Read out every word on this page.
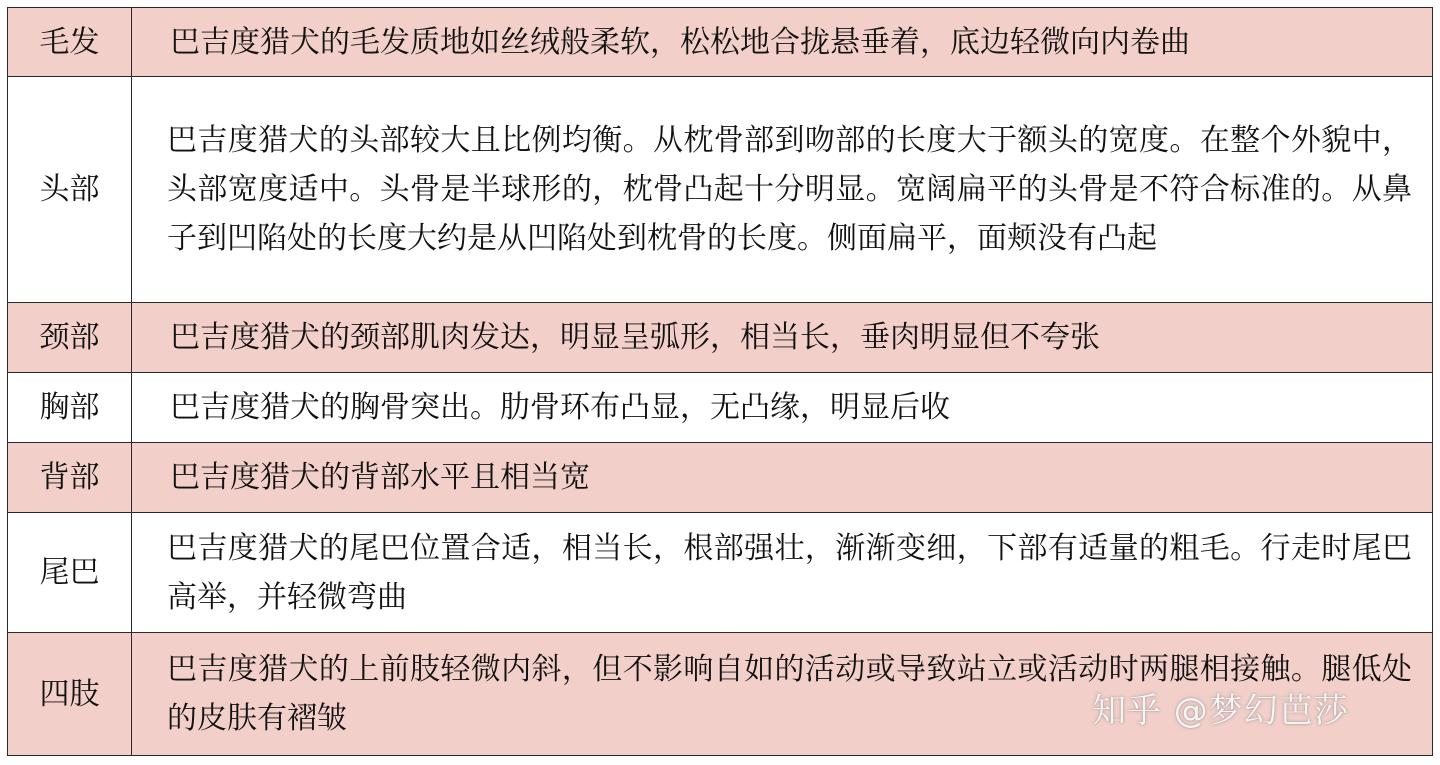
毛发	巴吉度猎犬的毛发质地如丝绒般柔软，松松地合拢悬垂着，底边轻微向内卷曲
头部	巴吉度猎犬的头部较大且比例均衡。从枕骨部到吻部的长度大于额头的宽度。在整个外貌中，头部宽度适中。头骨是半球形的，枕骨凸起十分明显。宽阔扁平的头骨是不符合标准的。从鼻子到凹陷处的长度大约是从凹陷处到枕骨的长度。侧面扁平，面颊没有凸起
颈部	巴吉度猎犬的颈部肌肉发达，明显呈弧形，相当长，垂肉明显但不夸张
胸部	巴吉度猎犬的胸骨突出。肋骨环布凸显，无凸缘，明显后收
背部	巴吉度猎犬的背部水平且相当宽
尾巴	巴吉度猎犬的尾巴位置合适，相当长，根部强壮，渐渐变细，下部有适量的粗毛。行走时尾巴高举，并轻微弯曲
四肢	巴吉度猎犬的上前肢轻微内斜，但不影响自如的活动或导致站立或活动时两腿相接触。腿低处的皮肤有褶皱	知乎 @梦幻芭莎
